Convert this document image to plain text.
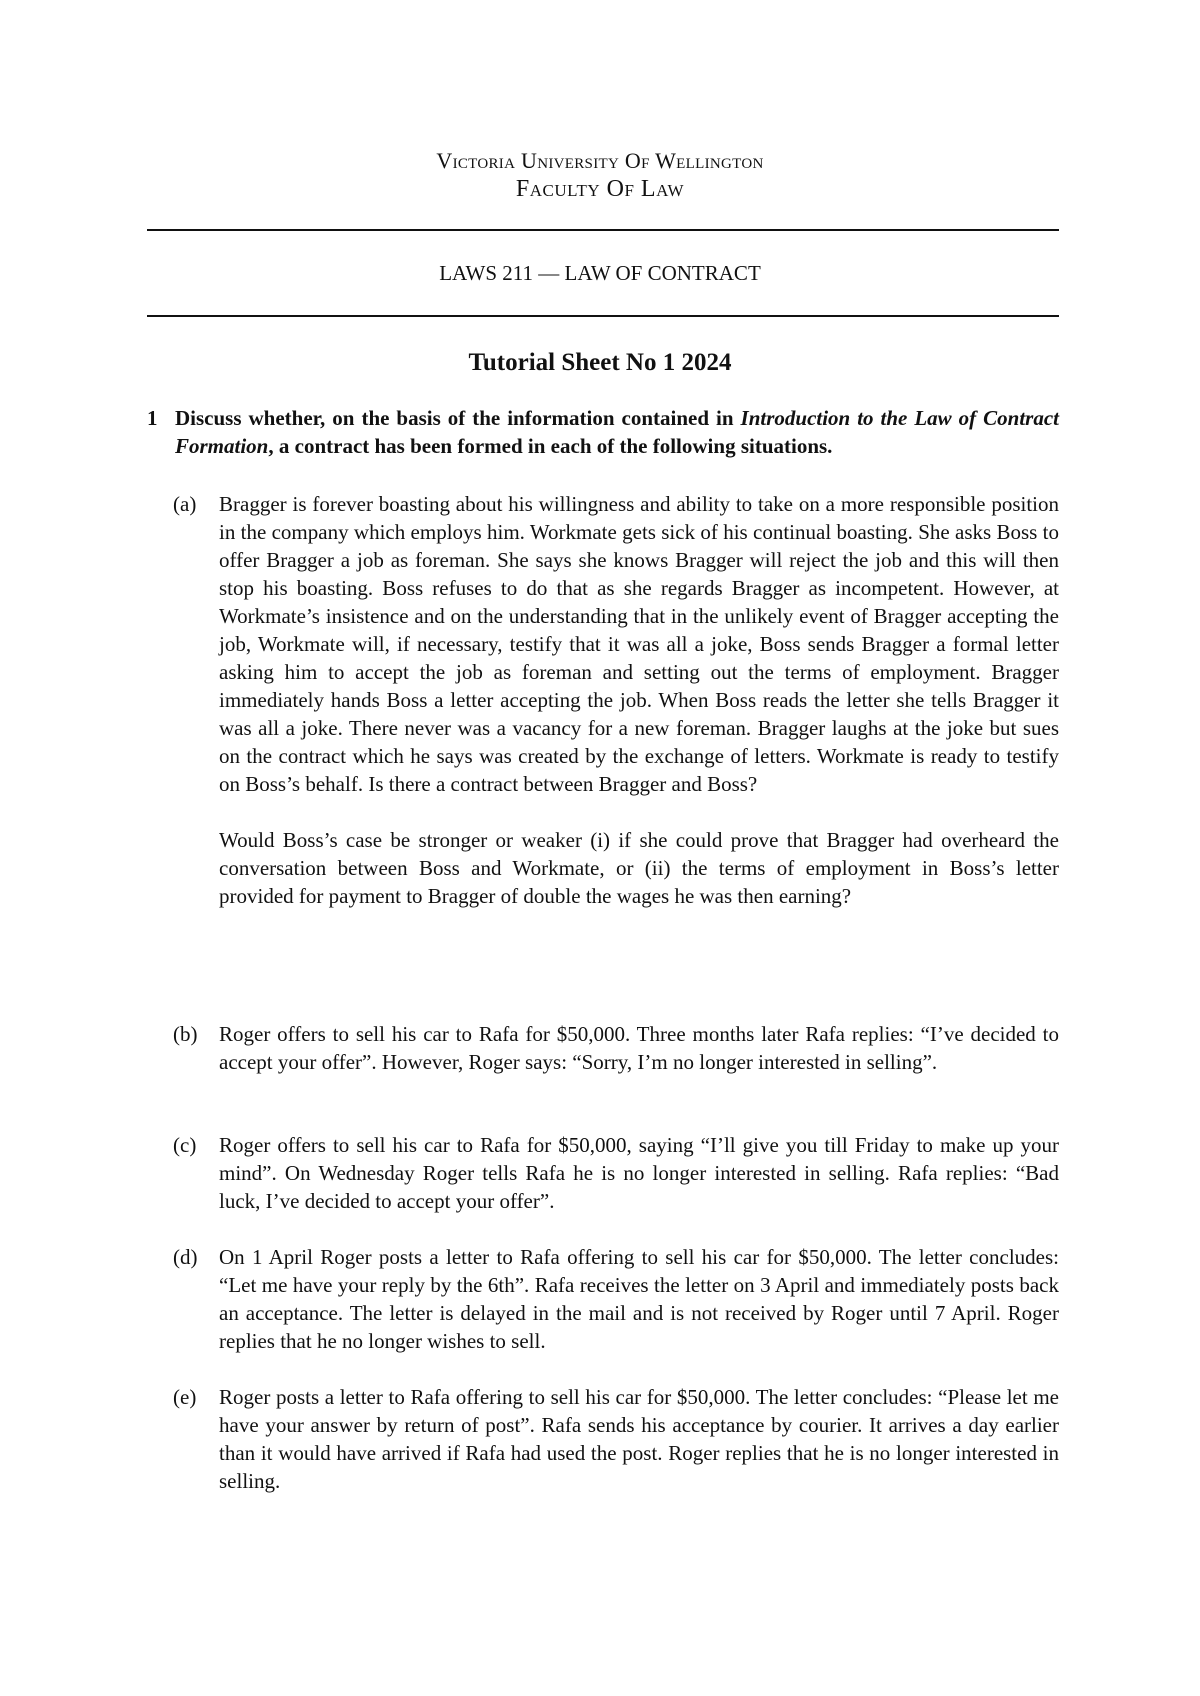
Victoria University Of Wellington
Faculty Of Law
LAWS 211 — LAW OF CONTRACT
Tutorial Sheet No 1 2024
1 Discuss whether, on the basis of the information contained in Introduction to the Law of Contract Formation, a contract has been formed in each of the following situations.
(a) Bragger is forever boasting about his willingness and ability to take on a more responsible position in the company which employs him. Workmate gets sick of his continual boasting. She asks Boss to offer Bragger a job as foreman. She says she knows Bragger will reject the job and this will then stop his boasting. Boss refuses to do that as she regards Bragger as incompetent. However, at Workmate’s insistence and on the understanding that in the unlikely event of Bragger accepting the job, Workmate will, if necessary, testify that it was all a joke, Boss sends Bragger a formal letter asking him to accept the job as foreman and setting out the terms of employment. Bragger immediately hands Boss a letter accepting the job. When Boss reads the letter she tells Bragger it was all a joke. There never was a vacancy for a new foreman. Bragger laughs at the joke but sues on the contract which he says was created by the exchange of letters. Workmate is ready to testify on Boss’s behalf. Is there a contract between Bragger and Boss?

Would Boss’s case be stronger or weaker (i) if she could prove that Bragger had overheard the conversation between Boss and Workmate, or (ii) the terms of employment in Boss’s letter provided for payment to Bragger of double the wages he was then earning?

(b) Roger offers to sell his car to Rafa for $50,000. Three months later Rafa replies: “I’ve decided to accept your offer”. However, Roger says: “Sorry, I’m no longer interested in selling”.

(c) Roger offers to sell his car to Rafa for $50,000, saying “I’ll give you till Friday to make up your mind”. On Wednesday Roger tells Rafa he is no longer interested in selling. Rafa replies: “Bad luck, I’ve decided to accept your offer”.

(d) On 1 April Roger posts a letter to Rafa offering to sell his car for $50,000. The letter concludes: “Let me have your reply by the 6th”. Rafa receives the letter on 3 April and immediately posts back an acceptance. The letter is delayed in the mail and is not received by Roger until 7 April. Roger replies that he no longer wishes to sell.

(e) Roger posts a letter to Rafa offering to sell his car for $50,000. The letter concludes: “Please let me have your answer by return of post”. Rafa sends his acceptance by courier. It arrives a day earlier than it would have arrived if Rafa had used the post. Roger replies that he is no longer interested in selling.
